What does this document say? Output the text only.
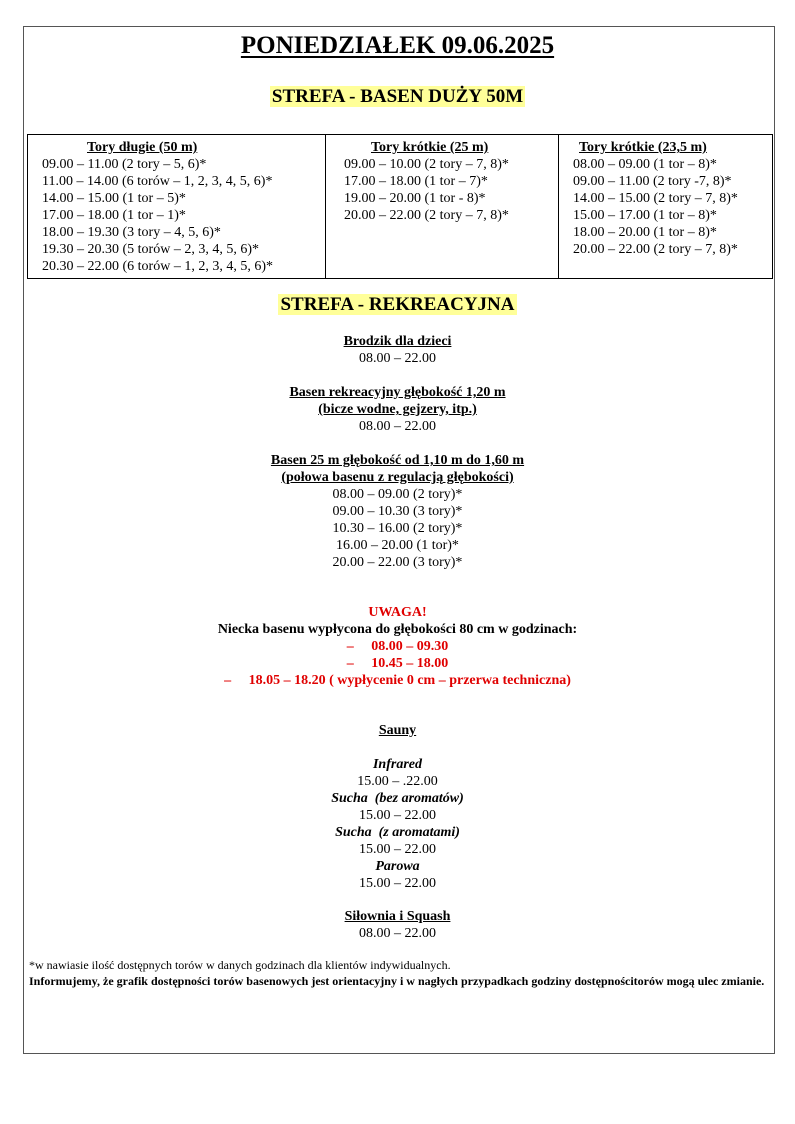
PONIEDZIAŁEK 09.06.2025
STREFA - BASEN DUŻY 50M
Tory długie (50 m)
09.00 – 11.00 (2 tory – 5, 6)*
11.00 – 14.00 (6 torów – 1, 2, 3, 4, 5, 6)*
14.00 – 15.00 (1 tor – 5)*
17.00 – 18.00 (1 tor – 1)*
18.00 – 19.30 (3 tory – 4, 5, 6)*
19.30 – 20.30 (5 torów – 2, 3, 4, 5, 6)*
20.30 – 22.00 (6 torów – 1, 2, 3, 4, 5, 6)*
Tory krótkie (25 m)
09.00 – 10.00 (2 tory – 7, 8)*
17.00 – 18.00 (1 tor – 7)*
19.00 – 20.00 (1 tor - 8)*
20.00 – 22.00 (2 tory – 7, 8)*
Tory krótkie (23,5 m)
08.00 – 09.00 (1 tor – 8)*
09.00 – 11.00 (2 tory -7, 8)*
14.00 – 15.00 (2 tory – 7, 8)*
15.00 – 17.00 (1 tor – 8)*
18.00 – 20.00 (1 tor – 8)*
20.00 – 22.00 (2 tory – 7, 8)*
STREFA - REKREACYJNA
Brodzik dla dzieci
08.00 – 22.00
Basen rekreacyjny głębokość 1,20 m
(bicze wodne, gejzery, itp.)
08.00 – 22.00
Basen 25 m głębokość od 1,10 m do 1,60 m
(połowa basenu z regulacją głębokości)
08.00 – 09.00 (2 tory)*
09.00 – 10.30 (3 tory)*
10.30 – 16.00 (2 tory)*
16.00 – 20.00 (1 tor)*
20.00 – 22.00 (3 tory)*
UWAGA!
Niecka basenu wypłycona do głębokości 80 cm w godzinach:
–     08.00 – 09.30
–     10.45 – 18.00
–     18.05 – 18.20 ( wypłycenie 0 cm – przerwa techniczna)
Sauny
Infrared
15.00 – .22.00
Sucha  (bez aromatów)
15.00 – 22.00
Sucha  (z aromatami)
15.00 – 22.00
Parowa
15.00 – 22.00
Siłownia i Squash
08.00 – 22.00
*w nawiasie ilość dostępnych torów w danych godzinach dla klientów indywidualnych.
Informujemy, że grafik dostępności torów basenowych jest orientacyjny i w nagłych przypadkach godziny dostępnościtorów mogą ulec zmianie.
